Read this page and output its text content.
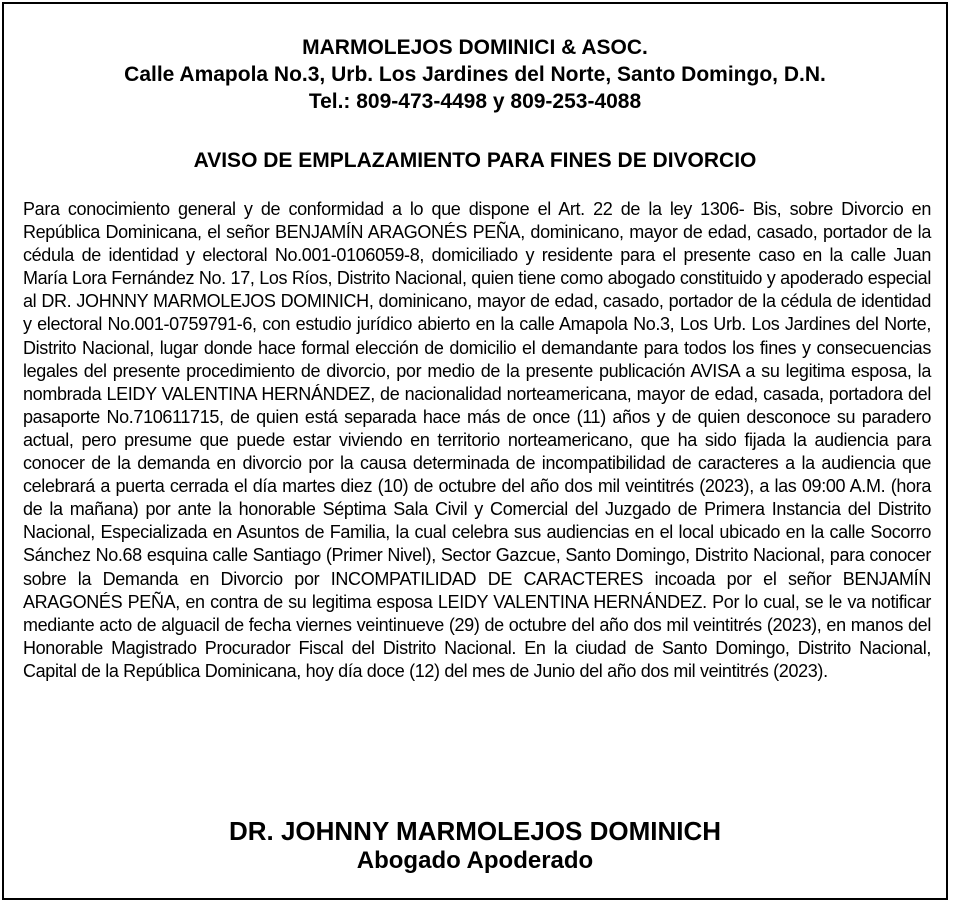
MARMOLEJOS DOMINICI & ASOC.
Calle Amapola No.3, Urb. Los Jardines del Norte, Santo Domingo, D.N.
Tel.: 809-473-4498 y 809-253-4088
AVISO DE EMPLAZAMIENTO PARA FINES DE DIVORCIO

Para conocimiento general y de conformidad a lo que dispone el Art. 22 de la ley 1306- Bis, sobre Divorcio en República Dominicana, el señor BENJAMÍN ARAGONÉS PEÑA, dominicano, mayor de edad, casado, portador de la cédula de identidad y electoral No.001-0106059-8, domiciliado y residente para el presente caso en la calle Juan María Lora Fernández No. 17, Los Ríos, Distrito Nacional, quien tiene como abogado constituido y apoderado especial al DR. JOHNNY MARMOLEJOS DOMINICH, dominicano, mayor de edad, casado, portador de la cédula de identidad y electoral No.001-0759791-6, con estudio jurídico abierto en la calle Amapola No.3, Los Urb. Los Jardines del Norte, Distrito Nacional, lugar donde hace formal elección de domicilio el demandante para todos los fines y consecuencias legales del presente procedimiento de divorcio, por medio de la presente publicación AVISA a su legitima esposa, la nombrada LEIDY VALENTINA HERNÁNDEZ, de nacionalidad norteamericana, mayor de edad, casada, portadora del pasaporte No.710611715, de quien está separada hace más de once (11) años y de quien desconoce su paradero actual, pero presume que puede estar viviendo en territorio norteamericano, que ha sido fijada la audiencia para conocer de la demanda en divorcio por la causa determinada de incompatibilidad de caracteres a la audiencia que celebrará a puerta cerrada el día martes diez (10) de octubre del año dos mil veintitrés (2023), a las 09:00 A.M. (hora de la mañana) por ante la honorable Séptima Sala Civil y Comercial del Juzgado de Primera Instancia del Distrito Nacional, Especializada en Asuntos de Familia, la cual celebra sus audiencias en el local ubicado en la calle Socorro Sánchez No.68 esquina calle Santiago (Primer Nivel), Sector Gazcue, Santo Domingo, Distrito Nacional, para conocer sobre la Demanda en Divorcio por INCOMPATILIDAD DE CARACTERES incoada por el señor BENJAMÍN ARAGONÉS PEÑA, en contra de su legitima esposa LEIDY VALENTINA HERNÁNDEZ. Por lo cual, se le va notificar mediante acto de alguacil de fecha viernes veintinueve (29) de octubre del año dos mil veintitrés (2023), en manos del Honorable Magistrado Procurador Fiscal del Distrito Nacional. En la ciudad de Santo Domingo, Distrito Nacional, Capital de la República Dominicana, hoy día doce (12) del mes de Junio del año dos mil veintitrés (2023).

DR. JOHNNY MARMOLEJOS DOMINICH
Abogado Apoderado
